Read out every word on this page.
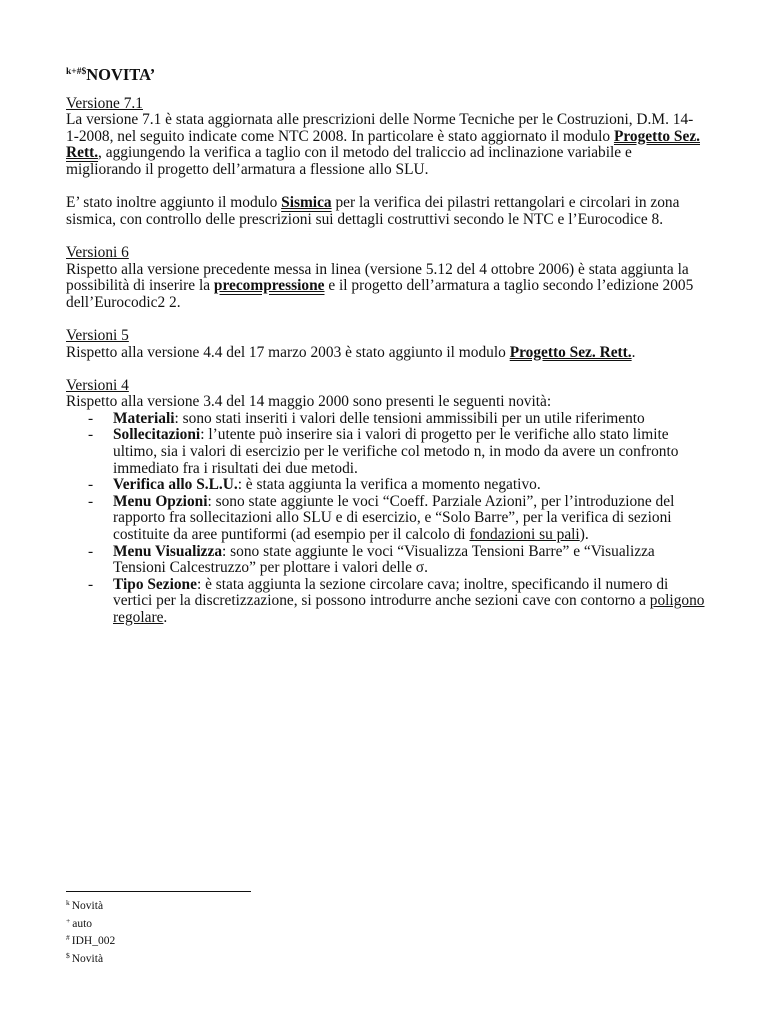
$^{k+\#\$}$NOVITA’
Versione 7.1

La versione 7.1 è stata aggiornata alle prescrizioni delle Norme Tecniche per le Costruzioni, D.M. 14-1-2008, nel seguito indicate come NTC 2008. In particolare è stato aggiornato il modulo Progetto Sez. Rett., aggiungendo la verifica a taglio con il metodo del traliccio ad inclinazione variabile e migliorando il progetto dell’armatura a flessione allo SLU.

E’ stato inoltre aggiunto il modulo Sismica per la verifica dei pilastri rettangolari e circolari in zona sismica, con controllo delle prescrizioni sui dettagli costruttivi secondo le NTC e l’Eurocodice 8.

Versioni 6

Rispetto alla versione precedente messa in linea (versione 5.12 del 4 ottobre 2006) è stata aggiunta la possibilità di inserire la precompressione e il progetto dell’armatura a taglio secondo l’edizione 2005 dell’Eurocodic2 2.

Versioni 5

Rispetto alla versione 4.4 del 17 marzo 2003 è stato aggiunto il modulo Progetto Sez. Rett..

Versioni 4

Rispetto alla versione 3.4 del 14 maggio 2000 sono presenti le seguenti novità:

- Materiali: sono stati inseriti i valori delle tensioni ammissibili per un utile riferimento
- Sollecitazioni: l’utente può inserire sia i valori di progetto per le verifiche allo stato limite ultimo, sia i valori di esercizio per le verifiche col metodo n, in modo da avere un confronto immediato fra i risultati dei due metodi.
- Verifica allo S.L.U.: è stata aggiunta la verifica a momento negativo.
- Menu Opzioni: sono state aggiunte le voci “Coeff. Parziale Azioni”, per l’introduzione del rapporto fra sollecitazioni allo SLU e di esercizio, e “Solo Barre”, per la verifica di sezioni costituite da aree puntiformi (ad esempio per il calcolo di fondazioni su pali).
- Menu Visualizza: sono state aggiunte le voci “Visualizza Tensioni Barre” e “Visualizza Tensioni Calcestruzzo” per plottare i valori delle σ.
- Tipo Sezione: è stata aggiunta la sezione circolare cava; inoltre, specificando il numero di vertici per la discretizzazione, si possono introdurre anche sezioni cave con contorno a poligono regolare.
$^k$ Novità
+ auto
# IDH_002
$ Novità
